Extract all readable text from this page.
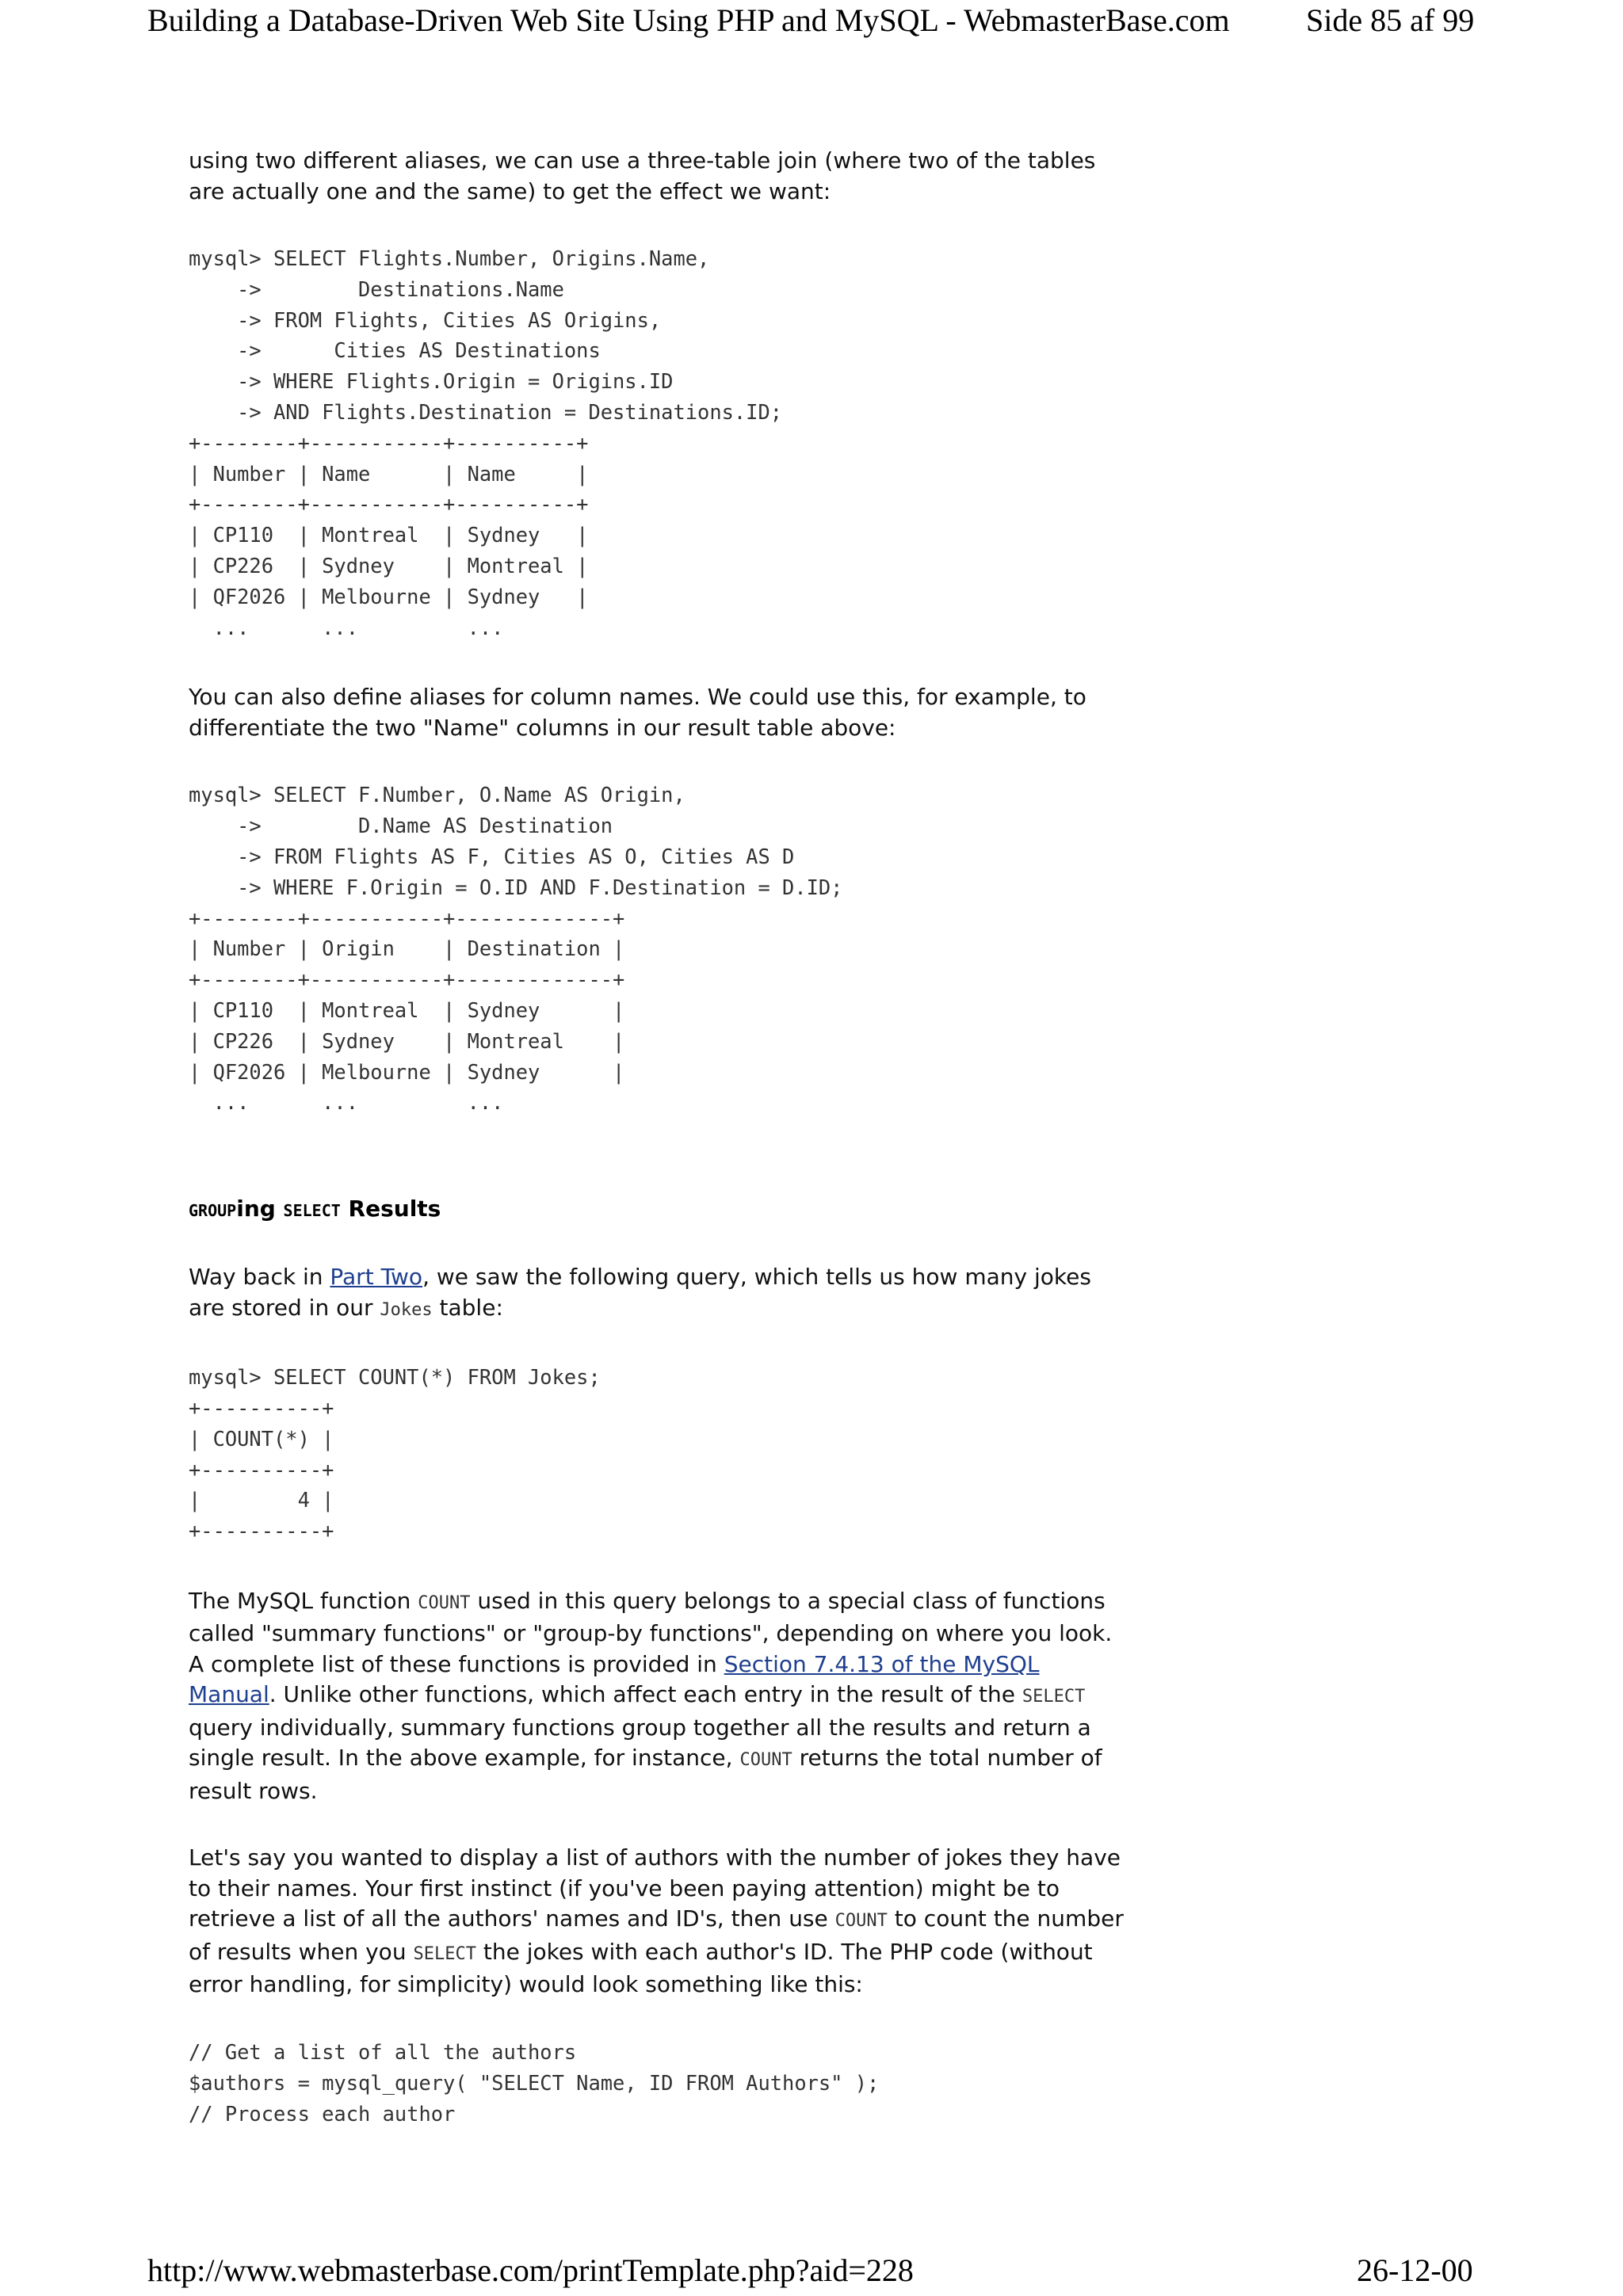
Building a Database-Driven Web Site Using PHP and MySQL - WebmasterBase.com Side 85 af 99

using two different aliases, we can use a three-table join (where two of the tables are actually one and the same) to get the effect we want:

mysql> SELECT Flights.Number, Origins.Name,
->        Destinations.Name
-> FROM Flights, Cities AS Origins,
->      Cities AS Destinations
-> WHERE Flights.Origin = Origins.ID
-> AND Flights.Destination = Destinations.ID;
+--------+-----------+----------+
| Number | Name      | Name     |
+--------+-----------+----------+
| CP110  | Montreal  | Sydney   |
| CP226  | Sydney    | Montreal |
| QF2026 | Melbourne | Sydney   |
...      ...         ...

You can also define aliases for column names. We could use this, for example, to differentiate the two "Name" columns in our result table above:

mysql> SELECT F.Number, O.Name AS Origin,
->        D.Name AS Destination
-> FROM Flights AS F, Cities AS O, Cities AS D
-> WHERE F.Origin = O.ID AND F.Destination = D.ID;
+--------+-----------+-------------+
| Number | Origin    | Destination |
+--------+-----------+-------------+
| CP110  | Montreal  | Sydney      |
| CP226  | Sydney    | Montreal    |
| QF2026 | Melbourne | Sydney      |
...      ...         ...
GROUPing SELECT Results

Way back in Part Two, we saw the following query, which tells us how many jokes are stored in our Jokes table:

mysql> SELECT COUNT(*) FROM Jokes;
+----------+
| COUNT(*) |
+----------+
|        4 |
+----------+

The MySQL function COUNT used in this query belongs to a special class of functions called "summary functions" or "group-by functions", depending on where you look. A complete list of these functions is provided in Section 7.4.13 of the MySQL Manual. Unlike other functions, which affect each entry in the result of the SELECT query individually, summary functions group together all the results and return a single result. In the above example, for instance, COUNT returns the total number of result rows.

Let's say you wanted to display a list of authors with the number of jokes they have to their names. Your first instinct (if you've been paying attention) might be to retrieve a list of all the authors' names and ID's, then use COUNT to count the number of results when you SELECT the jokes with each author's ID. The PHP code (without error handling, for simplicity) would look something like this:

// Get a list of all the authors
$authors = mysql_query( "SELECT Name, ID FROM Authors" );
// Process each author
http://www.webmasterbase.com/printTemplate.php?aid=228	26-12-00
